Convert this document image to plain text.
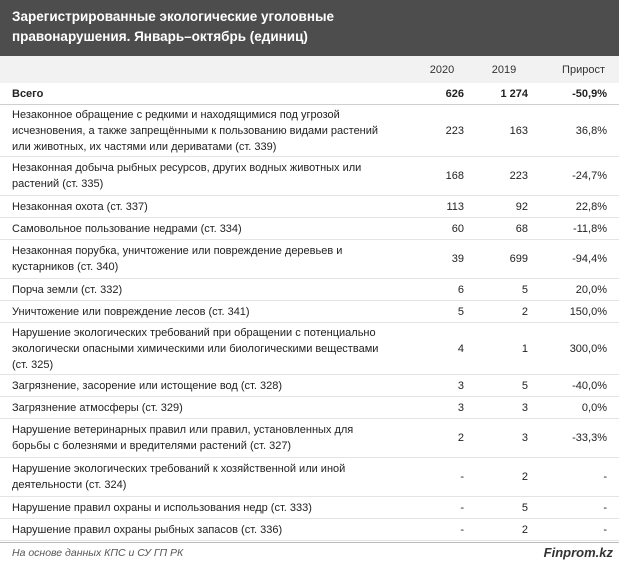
Зарегистрированные экологические уголовные
правонарушения. Январь–октябрь (единиц)
	2020	2019	Прирост
Всего	626	1 274	-50,9%
Незаконное обращение с редкими и находящимися под угрозой исчезновения, а также запрещёнными к пользованию видами растений или животных, их частями или дериватами (ст. 339)	223	163	36,8%
Незаконная добыча рыбных ресурсов, других водных животных или растений (ст. 335)	168	223	-24,7%
Незаконная охота (ст. 337)	113	92	22,8%
Самовольное пользование недрами (ст. 334)	60	68	-11,8%
Незаконная порубка, уничтожение или повреждение деревьев и кустарников (ст. 340)	39	699	-94,4%
Порча земли (ст. 332)	6	5	20,0%
Уничтожение или повреждение лесов (ст. 341)	5	2	150,0%
Нарушение экологических требований при обращении с потенциально экологически опасными химическими или биологическими веществами (ст. 325)	4	1	300,0%
Загрязнение, засорение или истощение вод (ст. 328)	3	5	-40,0%
Загрязнение атмосферы (ст. 329)	3	3	0,0%
Нарушение ветеринарных правил или правил, установленных для борьбы с болезнями и вредителями растений (ст. 327)	2	3	-33,3%
Нарушение экологических требований к хозяйственной или иной деятельности (ст. 324)	-	2	-
Нарушение правил охраны и использования недр (ст. 333)	-	5	-
Нарушение правил охраны рыбных запасов (ст. 336)	-	2	-
На основе данных КПС и СУ ГП РК	Finprom.kz
